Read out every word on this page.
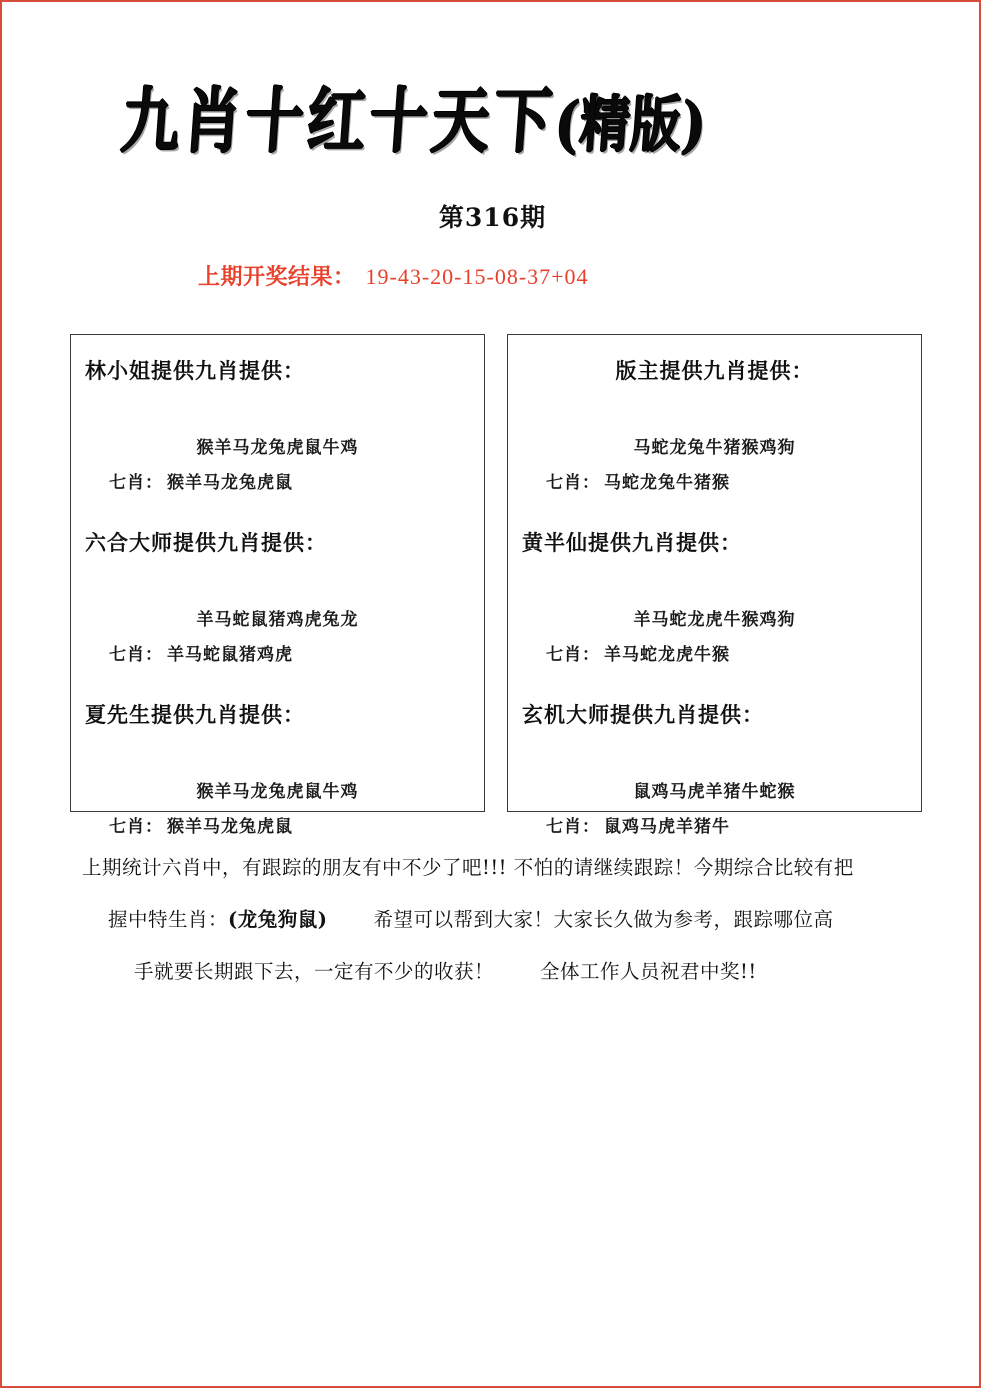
九肖十红十天下(精版)
第316期
上期开奖结果： 19-43-20-15-08-37+04
林小姐提供九肖提供：
猴羊马龙兔虎鼠牛鸡
七肖： 猴羊马龙兔虎鼠
六合大师提供九肖提供：
羊马蛇鼠猪鸡虎兔龙
七肖： 羊马蛇鼠猪鸡虎
夏先生提供九肖提供：
猴羊马龙兔虎鼠牛鸡
七肖： 猴羊马龙兔虎鼠
版主提供九肖提供：
马蛇龙兔牛猪猴鸡狗
七肖： 马蛇龙兔牛猪猴
黄半仙提供九肖提供：
羊马蛇龙虎牛猴鸡狗
七肖： 羊马蛇龙虎牛猴
玄机大师提供九肖提供：
鼠鸡马虎羊猪牛蛇猴
七肖： 鼠鸡马虎羊猪牛

上期统计六肖中，有跟踪的朋友有中不少了吧!!! 不怕的请继续跟踪！今期综合比较有把

握中特生肖：(龙兔狗鼠) 希望可以帮到大家！大家长久做为参考，跟踪哪位高

手就要长期跟下去，一定有不少的收获！ 全体工作人员祝君中奖!!
